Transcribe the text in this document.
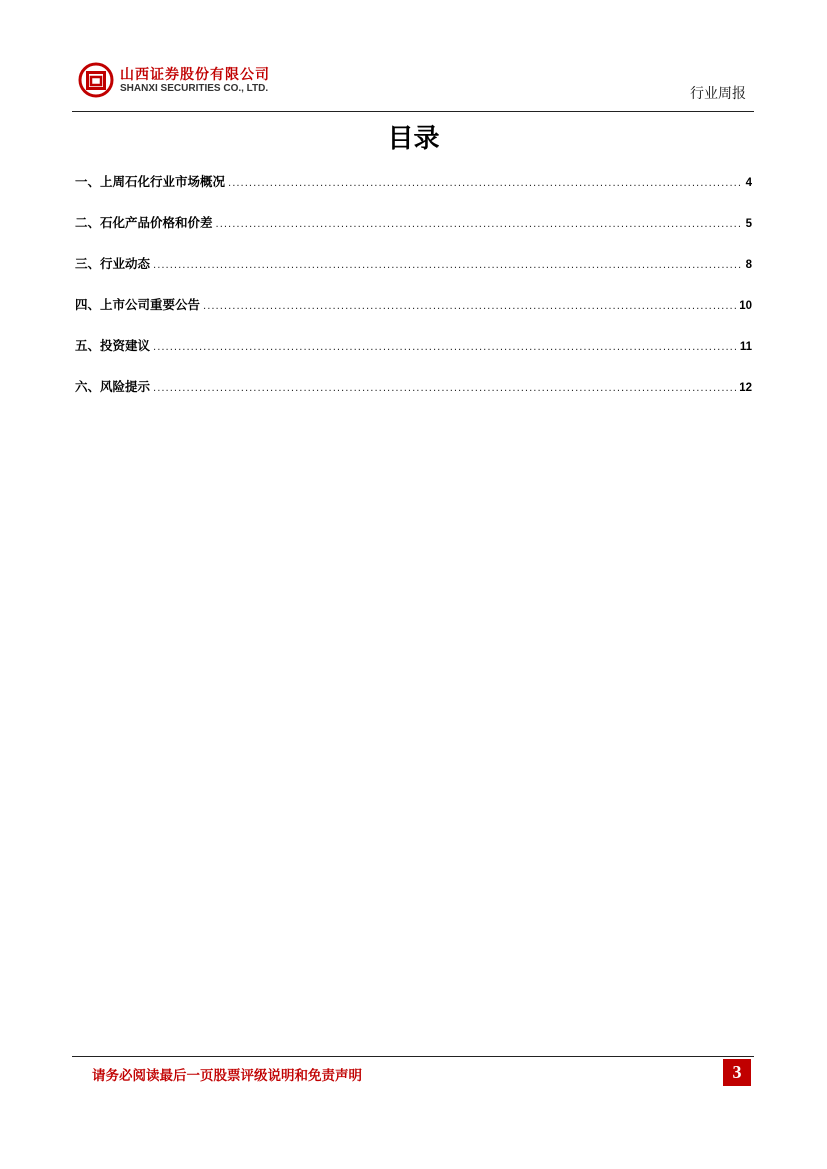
山西证券股份有限公司
SHANXI SECURITIES CO., LTD.	行业周报
目录
一、上周石化行业市场概况 .....	4
二、石化产品价格和价差 .....	5
三、行业动态 .....	8
四、上市公司重要公告 .....	10
五、投资建议 .....	11
六、风险提示 .....	12
请务必阅读最后一页股票评级说明和免责声明	3
